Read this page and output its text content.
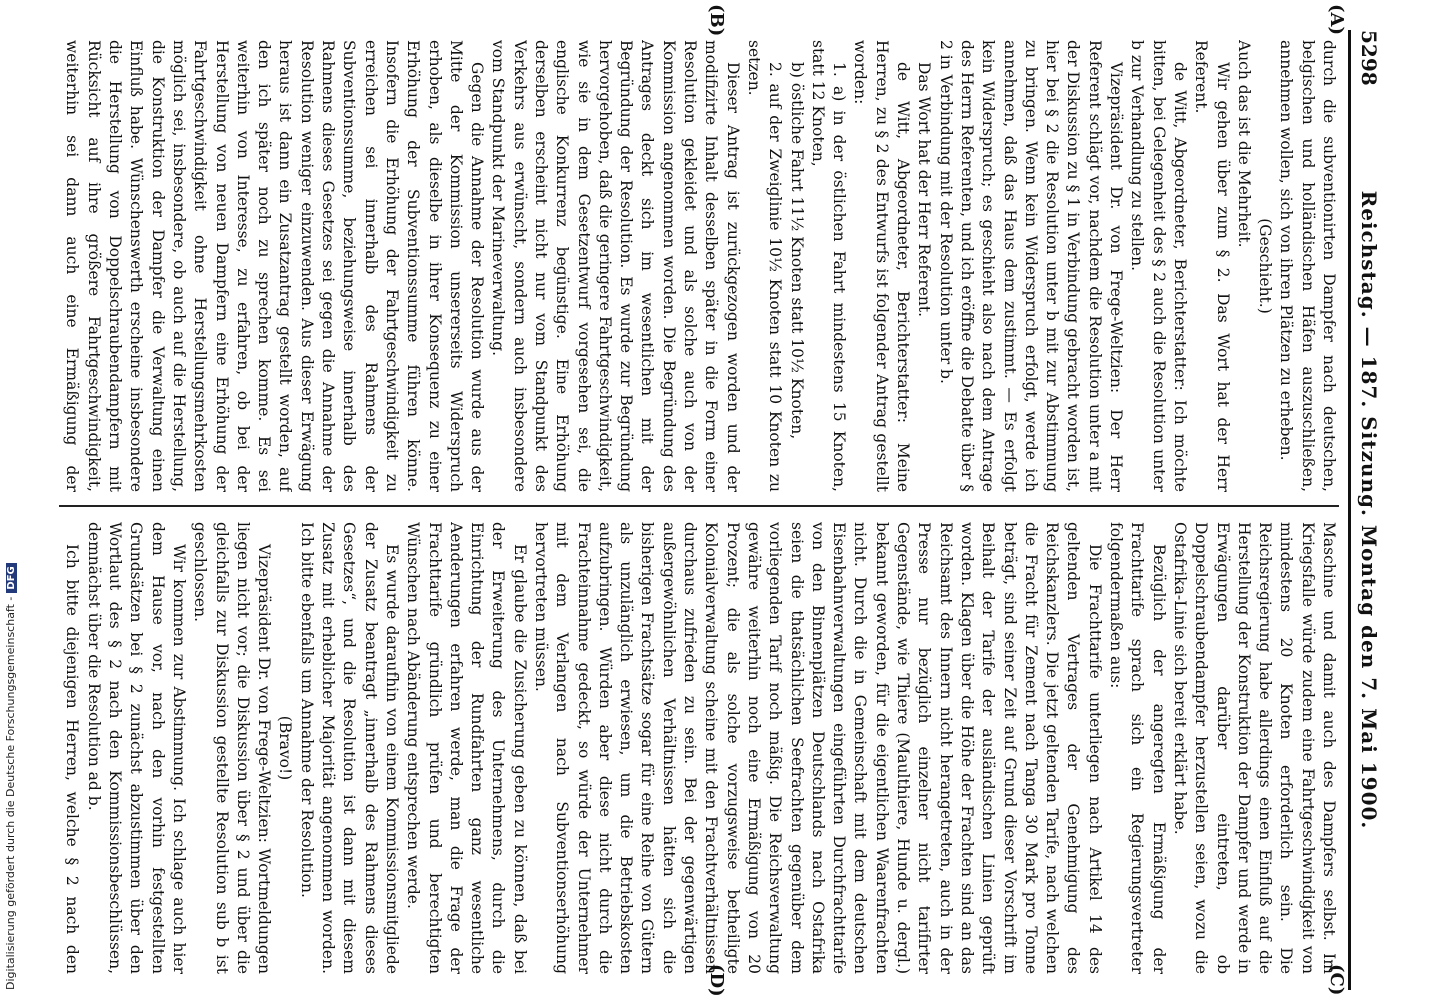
5298
Reichstag. — 187. Sitzung. Montag den 7. Mai 1900.
(A)
(B)
(C)
(D)

durch die subventionirten Dampfer nach deutschen, belgischen und holländischen Häfen auszuschließen, annehmen wollen, sich von ihren Plätzen zu erheben.

(Geschieht.)

Auch das ist die Mehrheit.

Wir gehen über zum § 2. Das Wort hat der Herr Referent.

de Witt, Abgeordneter, Berichterstatter: Ich möchte bitten, bei Gelegenheit des § 2 auch die Resolution unter b zur Verhandlung zu stellen.

Vizepräsident Dr. von Frege-Weltzien: Der Herr Referent schlägt vor, nachdem die Resolution unter a mit der Diskussion zu § 1 in Verbindung gebracht worden ist, hier bei § 2 die Resolution unter b mit zur Abstimmung zu bringen. Wenn kein Widerspruch erfolgt, werde ich annehmen, daß das Haus dem zustimmt. — Es erfolgt kein Widerspruch; es geschieht also nach dem Antrage des Herrn Referenten, und ich eröffne die Debatte über § 2 in Verbindung mit der Resolution unter b.

Das Wort hat der Herr Referent.

de Witt, Abgeordneter, Berichterstatter: Meine Herren, zu § 2 des Entwurfs ist folgender Antrag gestellt worden:

1. a) in der östlichen Fahrt mindestens 15 Knoten, statt 12 Knoten,

b) östliche Fahrt 11½ Knoten statt 10½ Knoten,

2. auf der Zweiglinie 10½ Knoten statt 10 Knoten zu setzen.

Dieser Antrag ist zurückgezogen worden und der modifizirte Inhalt desselben später in die Form einer Resolution gekleidet und als solche auch von der Kommission angenommen worden. Die Begründung des Antrages deckt sich im wesentlichen mit der Begründung der Resolution. Es wurde zur Begründung hervorgehoben, daß die geringere Fahrtgeschwindigkeit, wie sie in dem Gesetzentwurf vorgesehen sei, die englische Konkurrenz begünstige. Eine Erhöhung derselben erscheint nicht nur vom Standpunkt des Verkehrs aus erwünscht, sondern auch insbesondere vom Standpunkt der Marineverwaltung.

Gegen die Annahme der Resolution wurde aus der Mitte der Kommission unsererseits Widerspruch erhoben, als dieselbe in ihrer Konsequenz zu einer Erhöhung der Subventionssumme führen könne. Insofern die Erhöhung der Fahrtgeschwindigkeit zu erreichen sei innerhalb des Rahmens der Subventionssumme, beziehungsweise innerhalb des Rahmens dieses Gesetzes sei gegen die Annahme der Resolution weniger einzuwenden. Aus dieser Erwägung heraus ist dann ein Zusatzantrag gestellt worden, auf den ich später noch zu sprechen komme. Es sei weiterhin von Interesse, zu erfahren, ob bei der Herstellung von neuen Dampfern eine Erhöhung der Fahrtgeschwindigkeit ohne Herstellungsmehrkosten möglich sei, insbesondere, ob auch auf die Herstellung, die Konstruktion der Dampfer die Verwaltung einen Einfluß habe. Wünschenswerth erscheine insbesondere die Herstellung von Doppelschraubendampfern mit Rücksicht auf ihre größere Fahrtgeschwindigkeit, weiterhin sei dann auch eine Ermäßigung der

Maschine und damit auch des Dampfers selbst. Im Kriegsfalle würde zudem eine Fahrtgeschwindigkeit von mindestens 20 Knoten erforderlich sein. Die Reichsregierung habe allerdings einen Einfluß auf die Herstellung der Konstruktion der Dampfer und werde in Erwägungen darüber eintreten, ob Doppelschraubendampfer herzustellen seien, wozu die Ostafrika-Linie sich bereit erklärt habe.

Bezüglich der angeregten Ermäßigung der Frachttarife sprach sich ein Regierungsvertreter folgendermaßen aus:

Die Frachttarife unterliegen nach Artikel 14 des geltenden Vertrages der Genehmigung des Reichskanzlers. Die jetzt geltenden Tarife, nach welchen die Fracht für Zement nach Tanga 30 Mark pro Tonne beträgt, sind seiner Zeit auf Grund dieser Vorschrift im Beihalt der Tarife der ausländischen Linien geprüft worden. Klagen über die Höhe der Frachten sind an das Reichsamt des Innern nicht herangetreten, auch in der Presse nur bezüglich einzelner nicht tarifirter Gegenstände, wie Thiere (Maulthiere, Hunde u. dergl.) bekannt geworden, für die eigentlichen Waarenfrachten nicht. Durch die in Gemeinschaft mit dem deutschen Eisenbahnverwaltungen eingeführten Durchfrachttarife von den Binnenplätzen Deutschlands nach Ostafrika seien die thatsächlichen Seefrachten gegenüber dem vorliegenden Tarif noch mäßig. Die Reichsverwaltung gewähre weiterhin noch eine Ermäßigung von 20 Prozent; die als solche vorzugsweise betheiligte Kolonialverwaltung scheine mit den Frachtverhältnissen durchaus zufrieden zu sein. Bei der gegenwärtigen außergewöhnlichen Verhältnissen hätten sich die bisherigen Frachtsätze sogar für eine Reihe von Gütern als unzulänglich erwiesen, um die Betriebskosten aufzubringen. Würden aber diese nicht durch die Frachteinnahme gedeckt, so würde der Unternehmer mit dem Verlangen nach Subventionserhöhung hervortreten müssen.

Er glaube die Zusicherung geben zu können, daß bei der Erweiterung des Unternehmens, durch die Einrichtung der Rundfahrten ganz wesentliche Aenderungen erfahren werde, man die Frage der Frachttarife gründlich prüfen und berechtigten Wünschen nach Abänderung entsprechen werde.

Es wurde daraufhin von einem Kommissionsmitgliede der Zusatz beantragt „innerhalb des Rahmens dieses Gesetzes“, und die Resolution ist dann mit diesem Zusatz mit erheblicher Majorität angenommen worden. Ich bitte ebenfalls um Annahme der Resolution.

(Bravo!)

Vizepräsident Dr. von Frege-Weltzien: Wortmeldungen liegen nicht vor; die Diskussion über § 2 und über die gleichfalls zur Diskussion gestellte Resolution sub b ist geschlossen.

Wir kommen zur Abstimmung. Ich schlage auch hier dem Hause vor, nach den vorhin festgestellten Grundsätzen bei § 2 zunächst abzustimmen über den Wortlaut des § 2 nach den Kommissionsbeschlüssen, demnächst über die Resolution ad b.

Ich bitte diejenigen Herren, welche § 2 nach den

Digitalisierung gefördert durch die Deutsche Forschungsgemeinschaft -DFG
